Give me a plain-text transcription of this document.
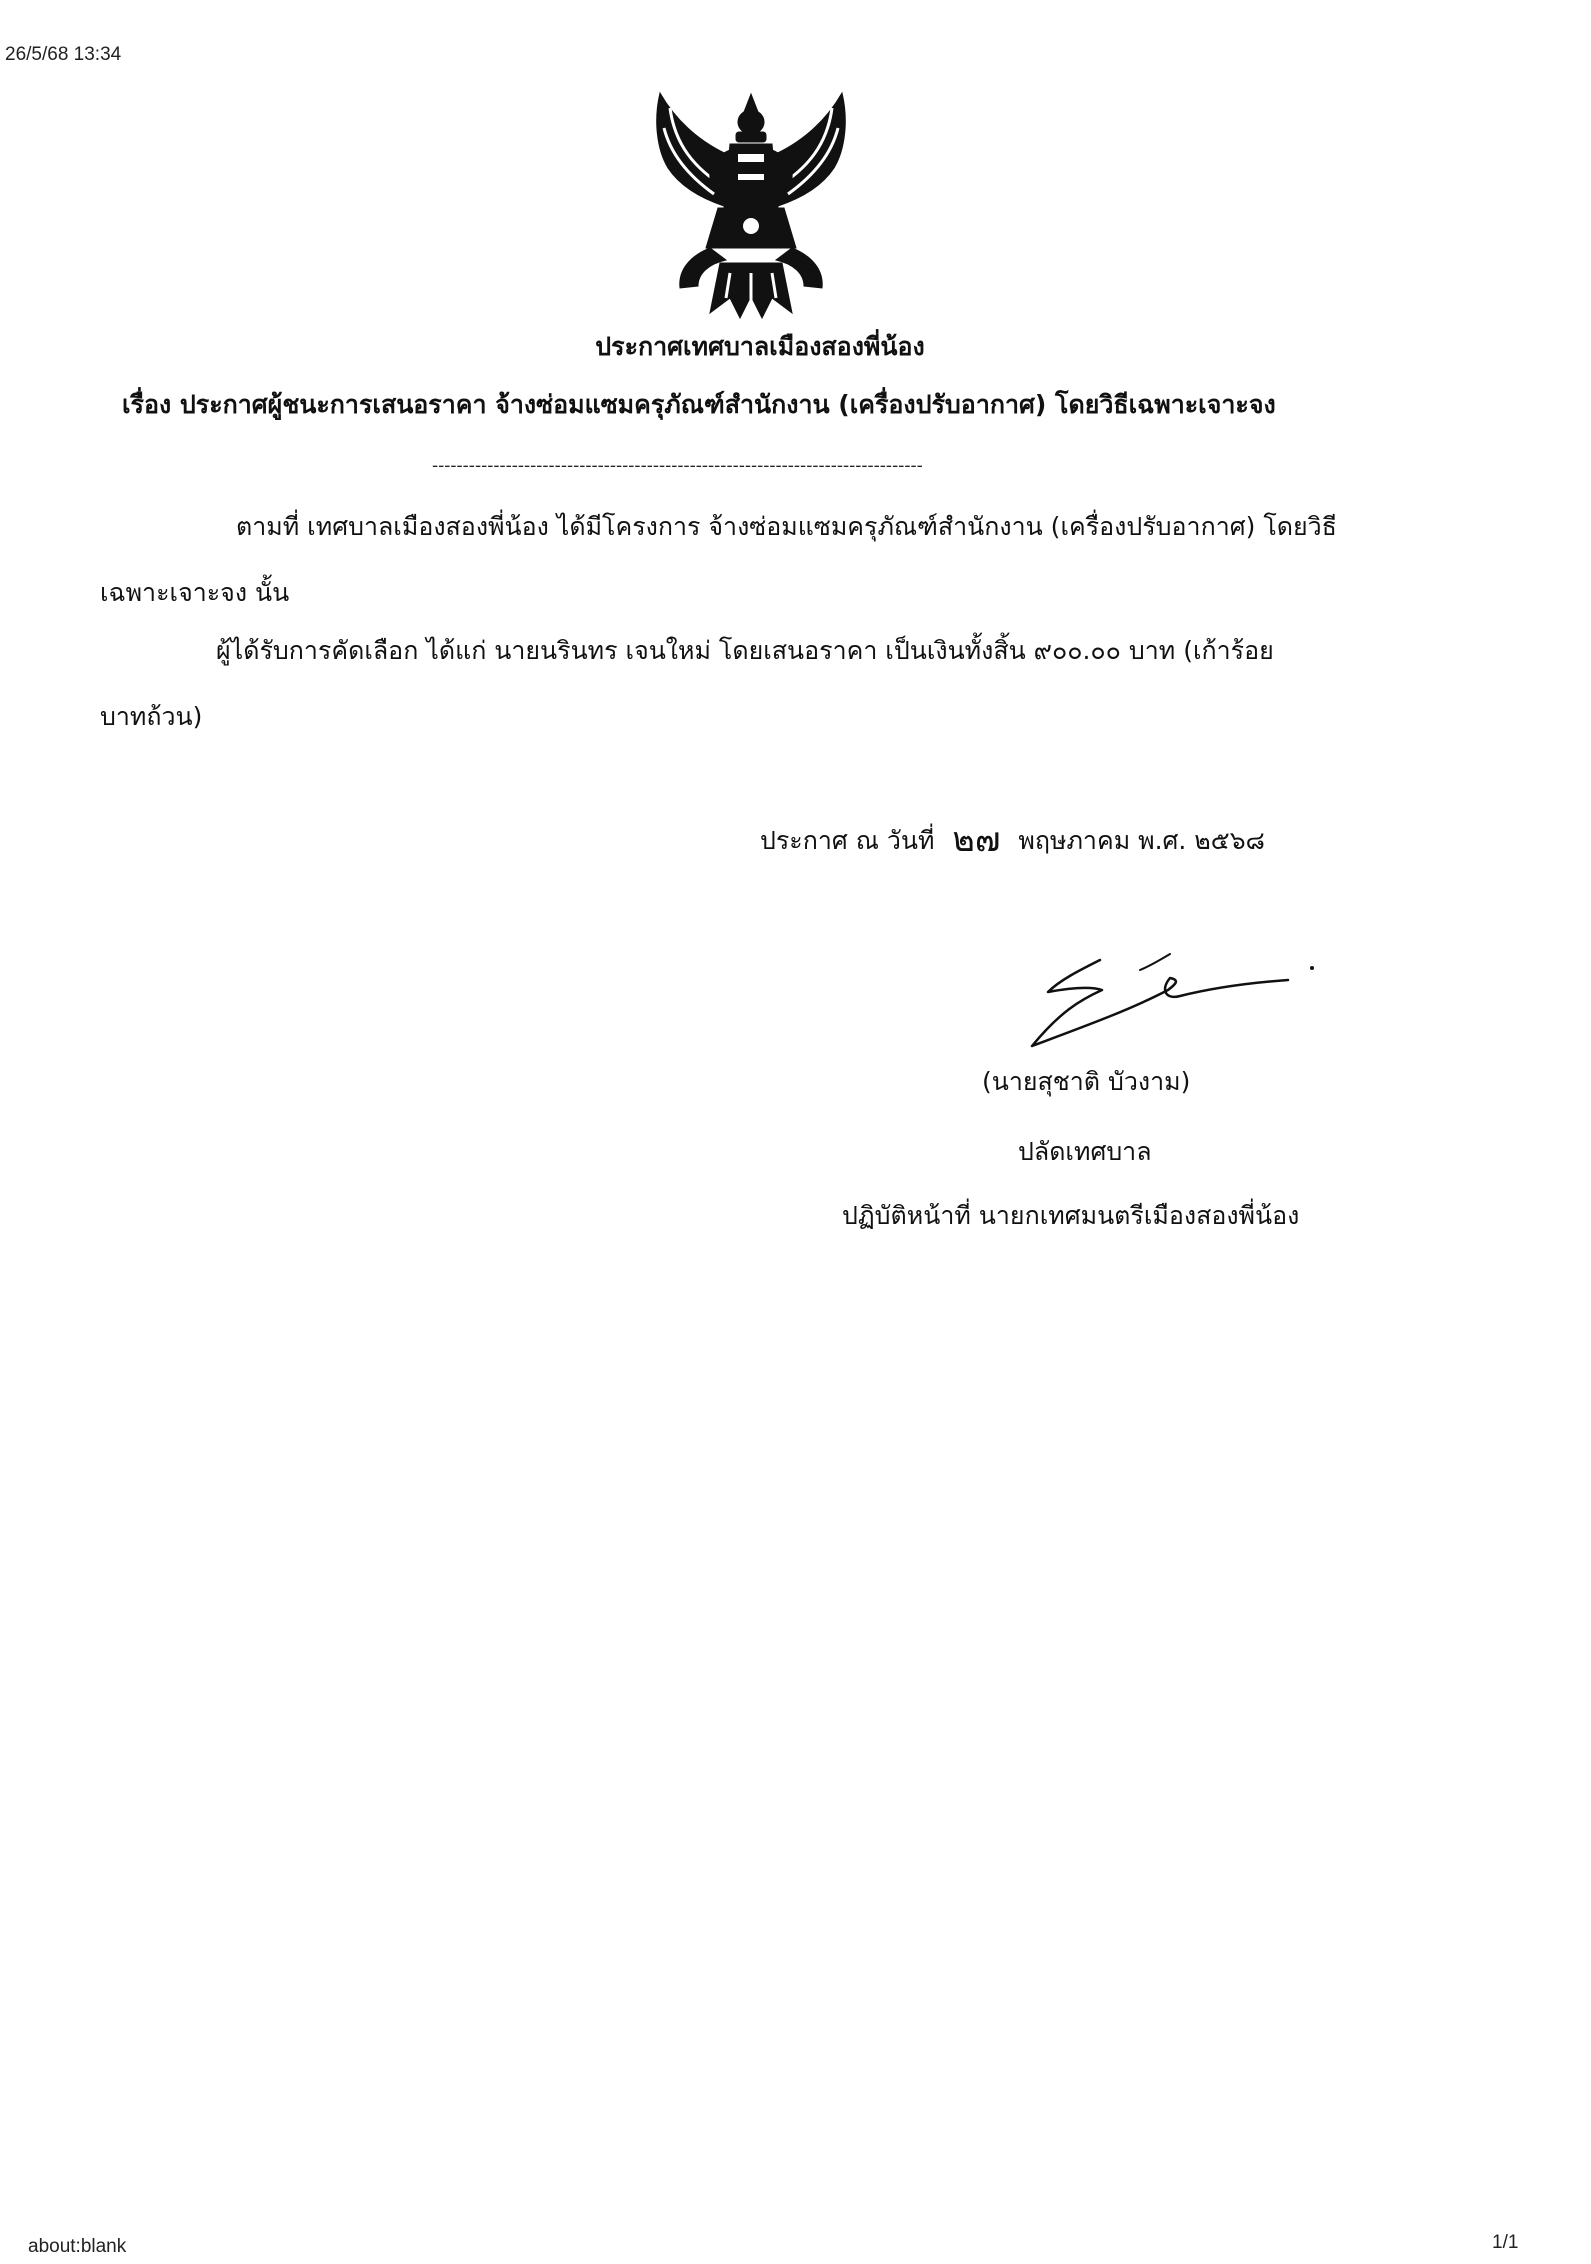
26/5/68 13:34
ประกาศเทศบาลเมืองสองพี่น้อง
เรื่อง ประกาศผู้ชนะการเสนอราคา จ้างซ่อมแซมครุภัณฑ์สำนักงาน (เครื่องปรับอากาศ) โดยวิธีเฉพาะเจาะจง
--------------------------------------------------------------------------------
ตามที่ เทศบาลเมืองสองพี่น้อง ได้มีโครงการ จ้างซ่อมแซมครุภัณฑ์สำนักงาน (เครื่องปรับอากาศ) โดยวิธี
เฉพาะเจาะจง นั้น
ผู้ได้รับการคัดเลือก ได้แก่ นายนรินทร เจนใหม่ โดยเสนอราคา เป็นเงินทั้งสิ้น ๙๐๐.๐๐ บาท (เก้าร้อย
บาทถ้วน)
ประกาศ ณ วันที่ ๒๗ พฤษภาคม พ.ศ. ๒๕๖๘
(นายสุชาติ บัวงาม)
ปลัดเทศบาล
ปฏิบัติหน้าที่ นายกเทศมนตรีเมืองสองพี่น้อง
about:blank	1/1
